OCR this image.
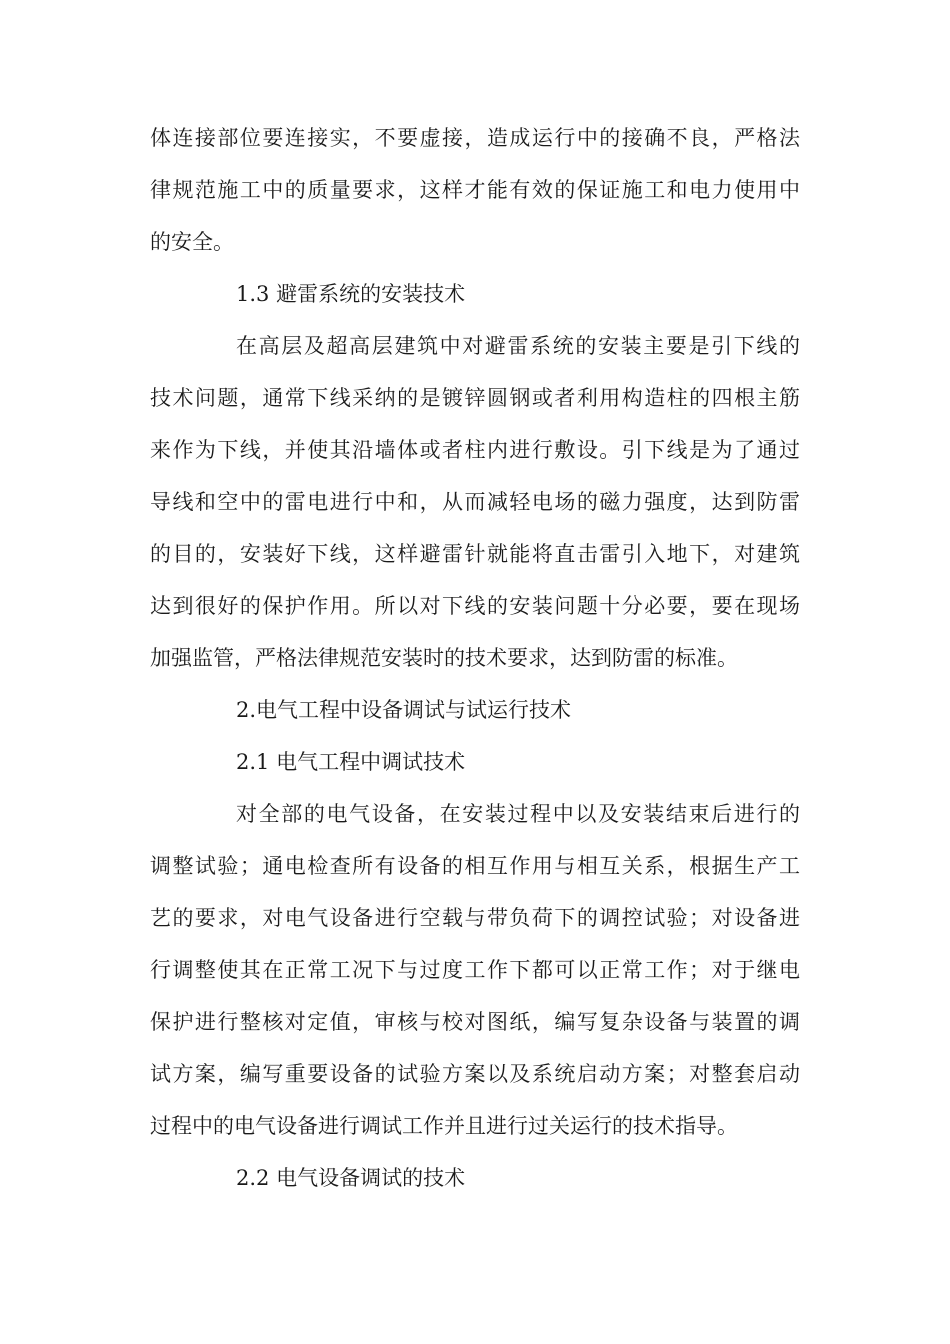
体连接部位要连接实，不要虚接，造成运行中的接确不良，严格法
律规范施工中的质量要求，这样才能有效的保证施工和电力使用中
的安全。
1.3 避雷系统的安装技术
在高层及超高层建筑中对避雷系统的安装主要是引下线的
技术问题，通常下线采纳的是镀锌圆钢或者利用构造柱的四根主筋
来作为下线，并使其沿墙体或者柱内进行敷设。引下线是为了通过
导线和空中的雷电进行中和，从而减轻电场的磁力强度，达到防雷
的目的，安装好下线，这样避雷针就能将直击雷引入地下，对建筑
达到很好的保护作用。所以对下线的安装问题十分必要，要在现场
加强监管，严格法律规范安装时的技术要求，达到防雷的标准。
2.电气工程中设备调试与试运行技术
2.1 电气工程中调试技术
对全部的电气设备，在安装过程中以及安装结束后进行的
调整试验；通电检查所有设备的相互作用与相互关系，根据生产工
艺的要求，对电气设备进行空载与带负荷下的调控试验；对设备进
行调整使其在正常工况下与过度工作下都可以正常工作；对于继电
保护进行整核对定值，审核与校对图纸，编写复杂设备与装置的调
试方案，编写重要设备的试验方案以及系统启动方案；对整套启动
过程中的电气设备进行调试工作并且进行过关运行的技术指导。
2.2 电气设备调试的技术
